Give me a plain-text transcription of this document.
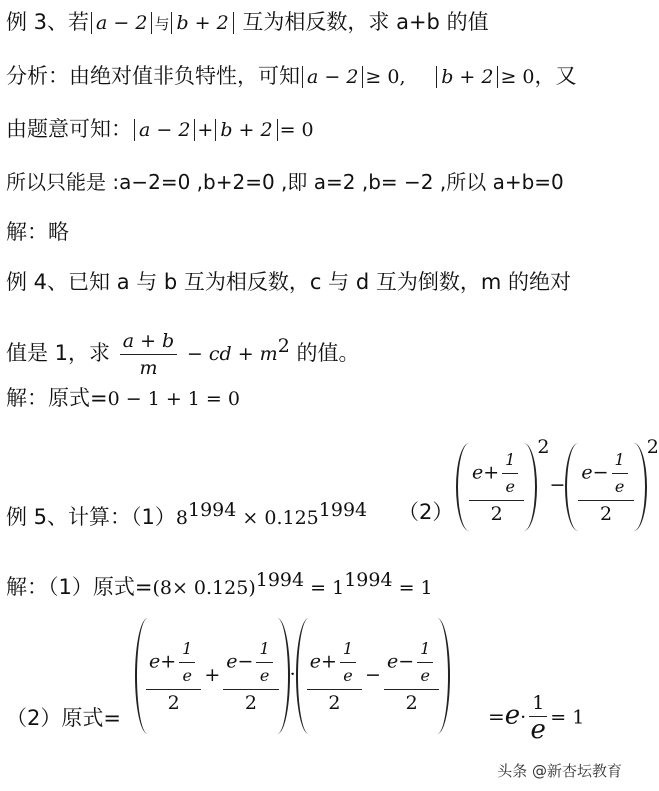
例 3、若 a − 2 与 b + 2 互为相反数，求 a+b 的值
分析：由绝对值非负特性，可知 a − 2 ≥ 0, b + 2 ≥ 0，又
由题意可知： a − 2 + b + 2 = 0
所以只能是 :a−2=0 ,b+2=0 ,即 a=2 ,b= −2 ,所以 a+b=0
解：略
例 4、已知 a 与 b 互为相反数，c 与 d 互为倒数，m 的绝对
值是 1，求 $\frac{a + b}{m}$ − cd + $m^2$ 的值。
解：原式=0 − 1 + 1 = 0
例 5、计算：$(1)8^{1994} \times 0.125^{1994}$ $(2) \frac{e+ \frac{1}{e}}{2} ^2- \frac{e- \frac{1}{e}}{2} ^2$
解：（1）原式$=(8\times 0.125)^{1994} = 1^{1994} = 1$
（2）原式=
$\frac{e+ \frac{1}{e}}{2} + \frac{e- \frac{1}{e}}{2} \cdot \frac{e+ \frac{1}{e}}{2} - \frac{e- \frac{1}{e}}{2}$
$=e\cdot \frac{1}{e} = 1$
头条 @新杏坛教育
